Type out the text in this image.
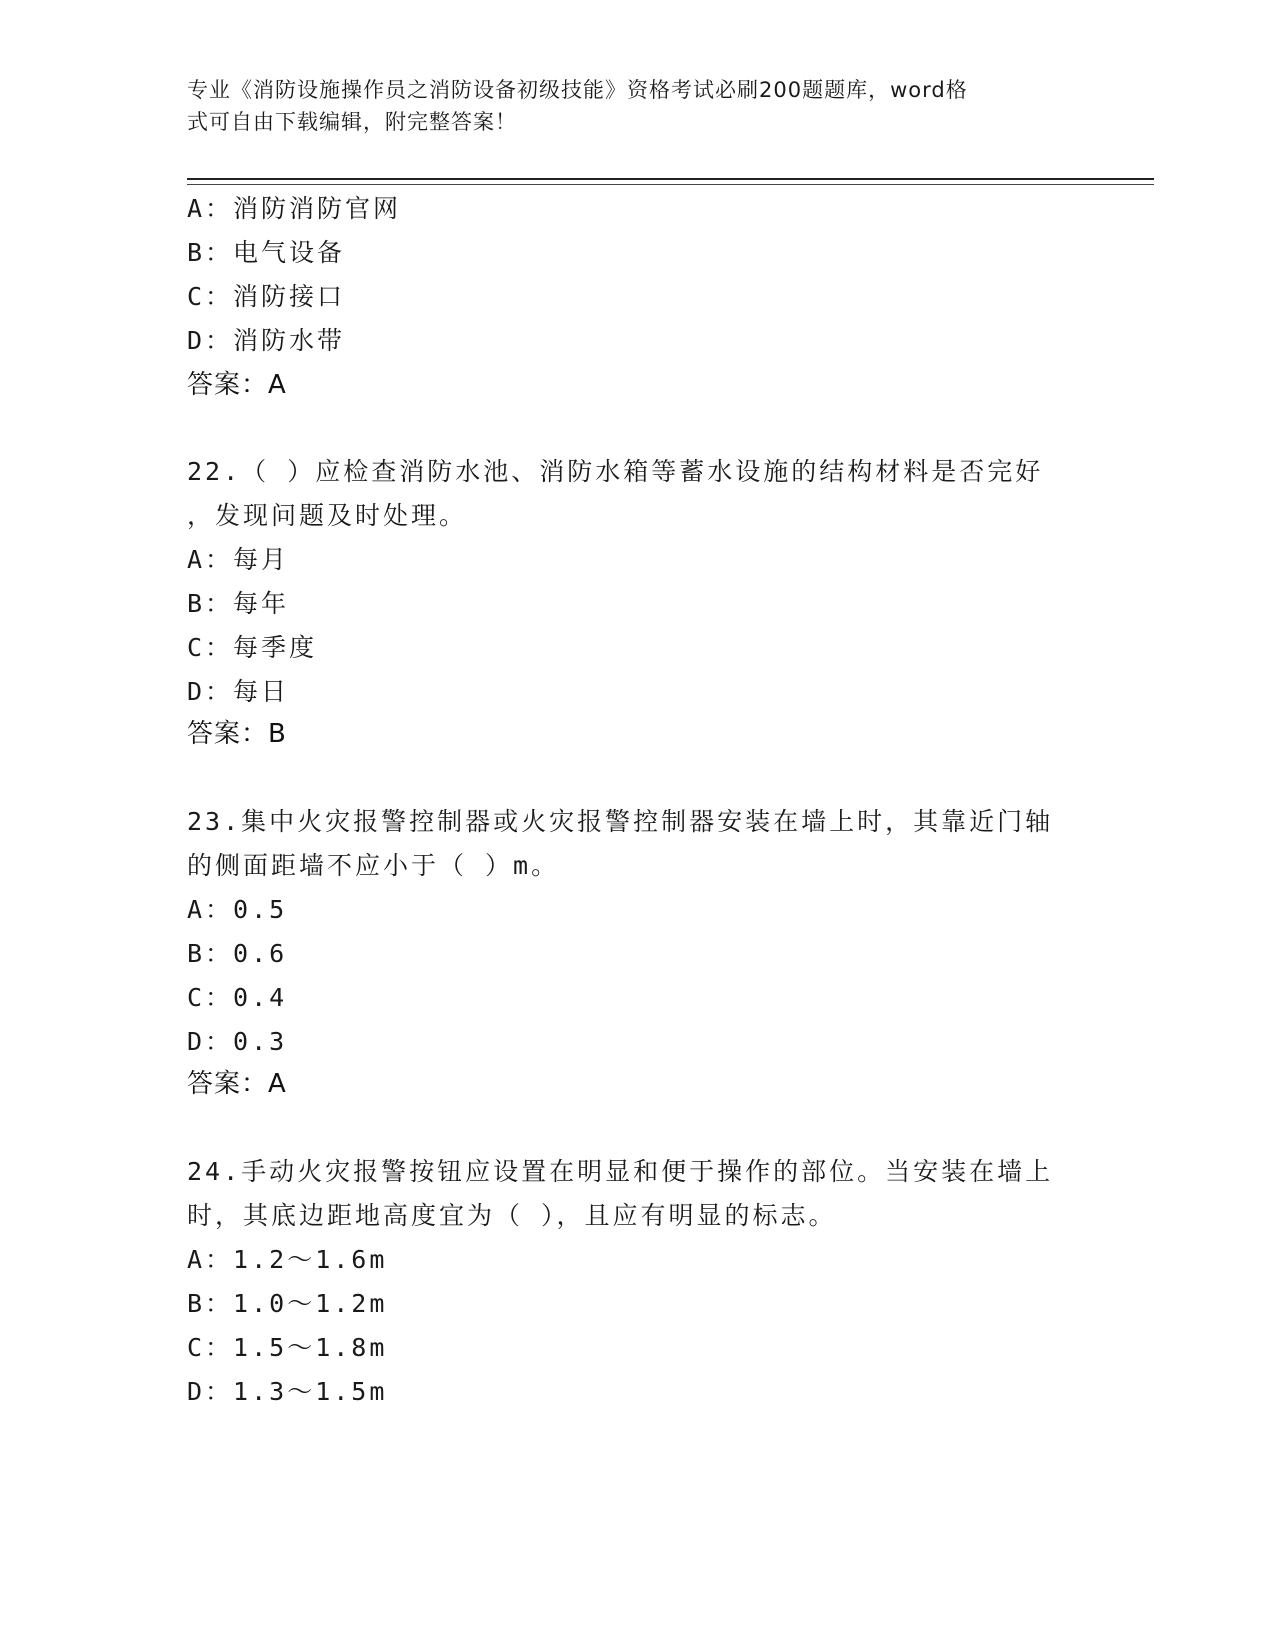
专业《消防设施操作员之消防设备初级技能》资格考试必刷200题题库，word格
式可自由下载编辑，附完整答案！
A：消防消防官网
B：电气设备
C：消防接口
D：消防水带
答案：A
22.（ ）应检查消防水池、消防水箱等蓄水设施的结构材料是否完好
，发现问题及时处理。
A：每月
B：每年
C：每季度
D：每日
答案：B
23.集中火灾报警控制器或火灾报警控制器安装在墙上时，其靠近门轴
的侧面距墙不应小于（ ）m。
A：0.5
B：0.6
C：0.4
D：0.3
答案：A
24.手动火灾报警按钮应设置在明显和便于操作的部位。当安装在墙上
时，其底边距地高度宜为（ ），且应有明显的标志。
A：1.2～1.6m
B：1.0～1.2m
C：1.5～1.8m
D：1.3～1.5m
